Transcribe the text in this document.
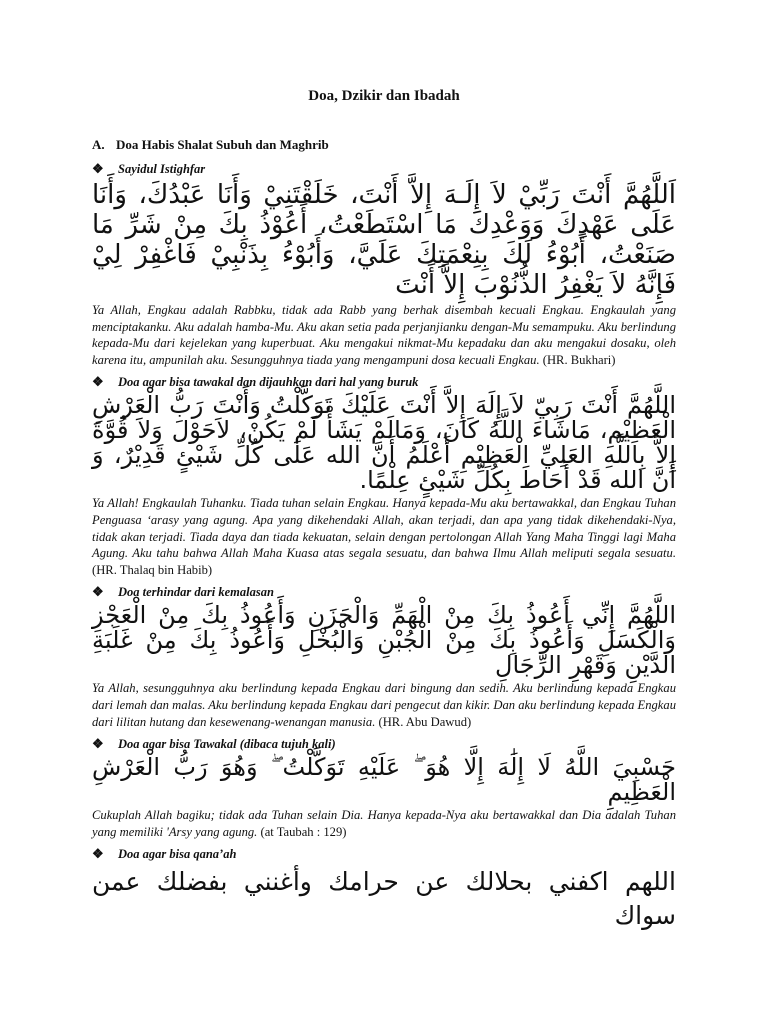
Doa, Dzikir dan Ibadah
A. Doa Habis Shalat Subuh dan Maghrib
❖	Sayidul Istighfar
اَللَّهُمَّ أَنْتَ رَبِّيْ لاَ إِلَـهَ إِلاَّ أَنْتَ، خَلَقْتَنِيْ وَأَنَا عَبْدُكَ، وَأَنَا عَلَى عَهْدِكَ وَوَعْدِكَ مَا اسْتَطَعْتُ، أَعُوْذُ بِكَ مِنْ شَرِّ مَا صَنَعْتُ، أَبُوْءُ لَكَ بِنِعْمَتِكَ عَلَيَّ، وَأَبُوْءُ بِذَنْبِيْ فَاغْفِرْ لِيْ فَإِنَّهُ لاَ يَغْفِرُ الذُّنُوْبَ إِلاَّ أَنْتَ
Ya Allah, Engkau adalah Rabbku, tidak ada Rabb yang berhak disembah kecuali Engkau. Engkaulah yang menciptakanku. Aku adalah hamba-Mu. Aku akan setia pada perjanjianku dengan-Mu semampuku. Aku berlindung kepada-Mu dari kejelekan yang kuperbuat. Aku mengakui nikmat-Mu kepadaku dan aku mengakui dosaku, oleh karena itu, ampunilah aku. Sesungguhnya tiada yang mengampuni dosa kecuali Engkau. (HR. Bukhari)
❖	Doa agar bisa tawakal dan dijauhkan dari hal yang buruk
اللَّهُمَّ أَنْتَ رَبِيّ لاَ إِلَهَ إِلاَّ أَنْتَ عَلَيْكَ تَوَكَّلْتُ وَأَنْتَ رَبُّ الْعَرْشِ الْعَظِيْمِ، مَاشَاءَ اللَّهُ كَانَ، وَمَالَمْ يَشَأْ لَمْ يَكُنْ، لاَحَوْلَ وَلاَ قُوَّةَ إِلاَّ بِاللَّهِ العَلِيِّ الْعَظِيْمِ أَعْلَمُ أَنَّ الله عَلَى كُلِّ شَيْئٍ قَدِيْرٌ، وَ أَنَّ الله قَدْ أَحَاطَ بِكُلِّ شَيْئٍ عِلْمًا.
Ya Allah! Engkaulah Tuhanku. Tiada tuhan selain Engkau. Hanya kepada-Mu aku bertawakkal, dan Engkau Tuhan Penguasa ‘arasy yang agung. Apa yang dikehendaki Allah, akan terjadi, dan apa yang tidak dikehendaki-Nya, tidak akan terjadi. Tiada daya dan tiada kekuatan, selain dengan pertolongan Allah Yang Maha Tinggi lagi Maha Agung. Aku tahu bahwa Allah Maha Kuasa atas segala sesuatu, dan bahwa Ilmu Allah meliputi segala sesuatu. (HR. Thalaq bin Habib)
❖	Doa terhindar dari kemalasan
اللَّهُمَّ إِنِّي أَعُوذُ بِكَ مِنْ الْهَمِّ وَالْحَزَنِ وَأَعُوذُ بِكَ مِنْ الْعَجْزِ وَالْكَسَلِ وَأَعُوذُ بِكَ مِنْ الْجُبْنِ وَالْبُخْلِ وَأَعُوذُ بِكَ مِنْ غَلَبَةِ الدَّيْنِ وَقَهْرِ الرِّجَالِ
Ya Allah, sesungguhnya aku berlindung kepada Engkau dari bingung dan sedih. Aku berlindung kepada Engkau dari lemah dan malas. Aku berlindung kepada Engkau dari pengecut dan kikir. Dan aku berlindung kepada Engkau dari lilitan hutang dan kesewenang-wenangan manusia. (HR. Abu Dawud)
❖	Doa agar bisa Tawakal (dibaca tujuh kali)
حَسْبِيَ اللَّهُ لَا إِلَٰهَ إِلَّا هُوَ ۖ عَلَيْهِ تَوَكَّلْتُ ۖ وَهُوَ رَبُّ الْعَرْشِ الْعَظِيمِ
Cukuplah Allah bagiku; tidak ada Tuhan selain Dia. Hanya kepada-Nya aku bertawakkal dan Dia adalah Tuhan yang memiliki 'Arsy yang agung. (at Taubah : 129)
❖	Doa agar bisa qana’ah
اللهم اكفني بحلالك عن حرامك وأغنني بفضلك عمن سواك
